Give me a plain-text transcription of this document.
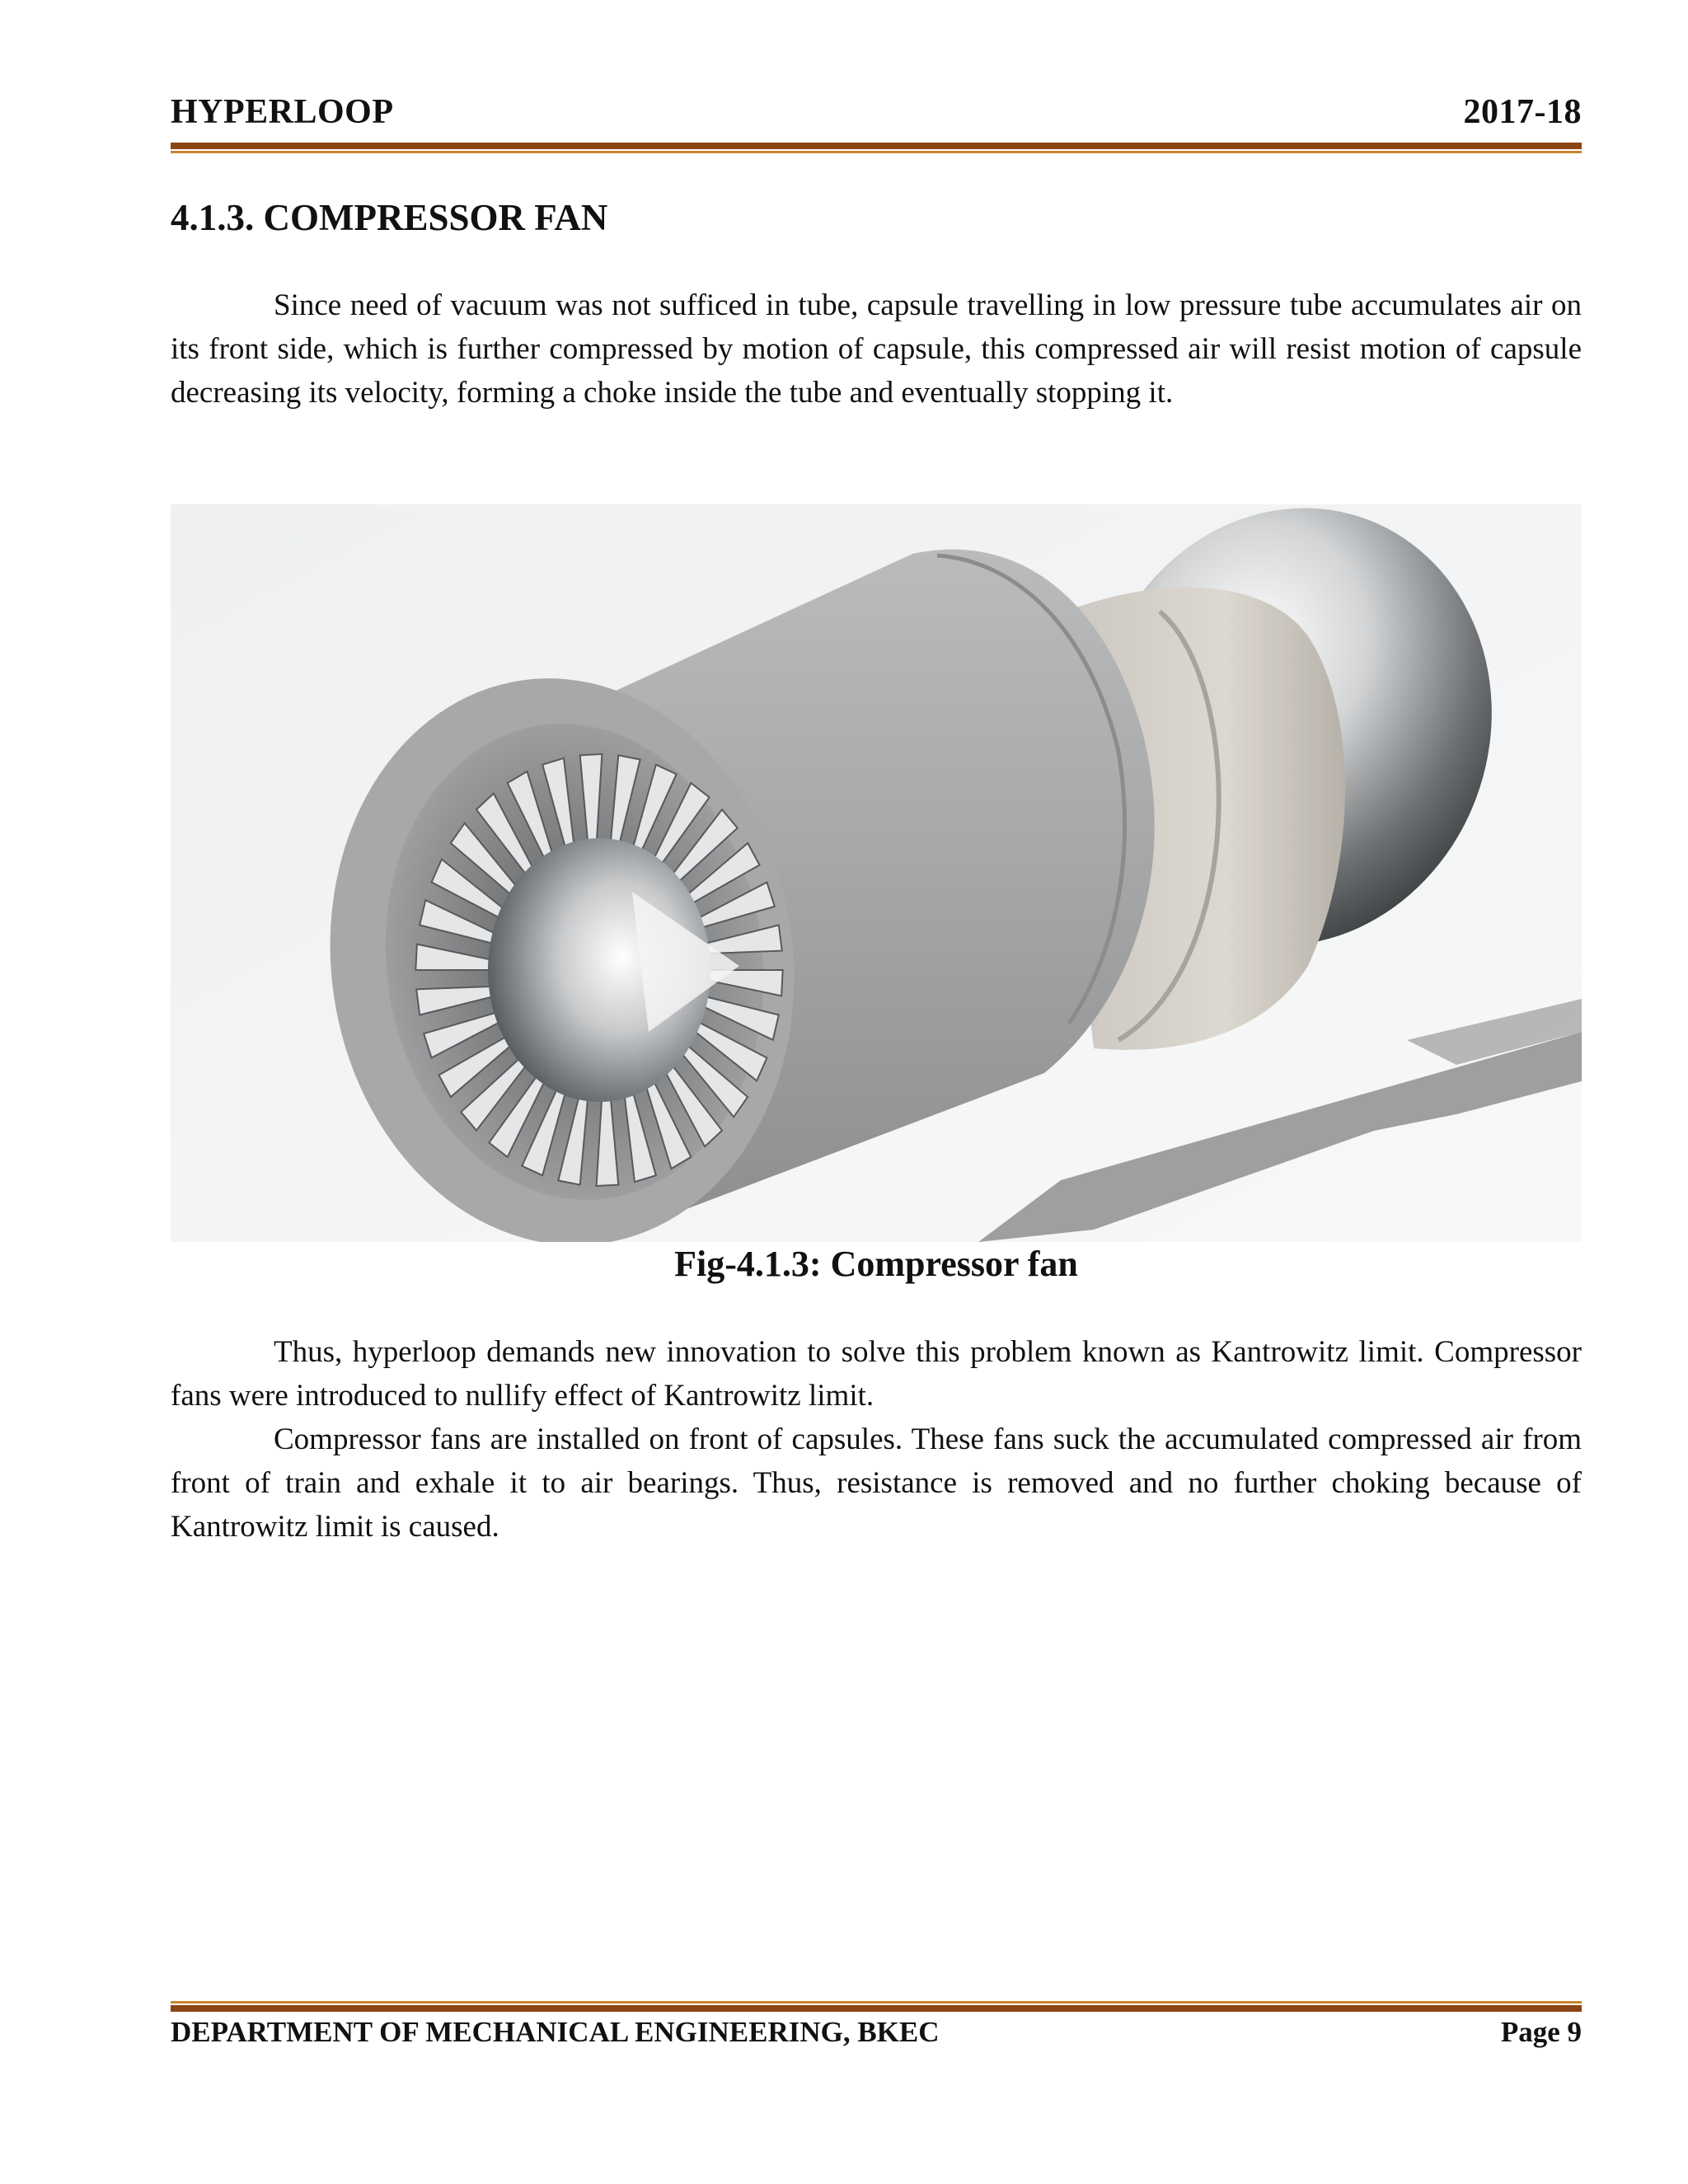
HYPERLOOP	2017-18
4.1.3. COMPRESSOR FAN

Since need of vacuum was not sufficed in tube, capsule travelling in low pressure tube accumulates air on its front side, which is further compressed by motion of capsule, this compressed air will resist motion of capsule decreasing its velocity, forming a choke inside the tube and eventually stopping it.

Fig-4.1.3: Compressor fan

Thus, hyperloop demands new innovation to solve this problem known as Kantrowitz limit. Compressor fans were introduced to nullify effect of Kantrowitz limit.

Compressor fans are installed on front of capsules. These fans suck the accumulated compressed air from front of train and exhale it to air bearings. Thus, resistance is removed and no further choking because of Kantrowitz limit is caused.

DEPARTMENT OF MECHANICAL ENGINEERING, BKEC	Page 9
